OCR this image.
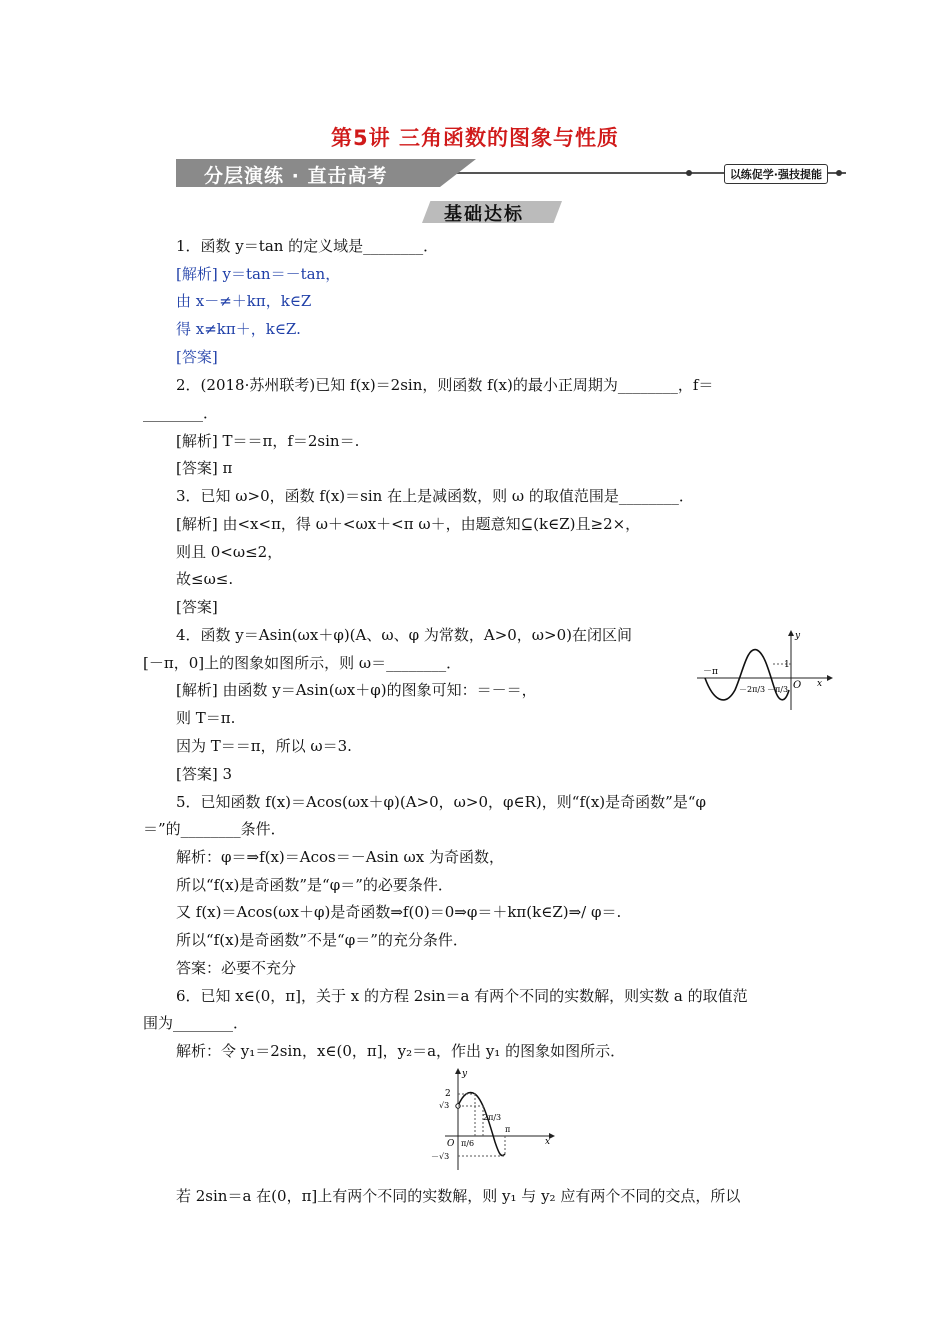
第5讲 三角函数的图象与性质
分层演练 · 直击高考	以练促学·强技提能
基础达标
1．函数 y＝tan 的定义域是________．
[解析] y＝tan＝－tan，
由 x－≠＋kπ，k∈Z
得 x≠kπ＋，k∈Z.
[答案]
2．(2018·苏州联考)已知 f(x)＝2sin，则函数 f(x)的最小正周期为________，f＝
________．
[解析] T＝＝π，f＝2sin＝.
[答案] π
3．已知 ω>0，函数 f(x)＝sin 在上是减函数，则 ω 的取值范围是________．
[解析] 由<x<π，得 ω＋<ωx＋<π ω＋，由题意知⊆(k∈Z)且≥2×，
则且 0<ω≤2，
故≤ω≤.
[答案]
4．函数 y＝Asin(ωx＋φ)(A、ω、φ 为常数，A>0，ω>0)在闭区间
[－π，0]上的图象如图所示，则 ω＝________．
[解析] 由函数 y＝Asin(ωx＋φ)的图象可知：＝－＝，
则 T＝π.
因为 T＝＝π，所以 ω＝3.
[答案] 3
5．已知函数 f(x)＝Acos(ωx＋φ)(A>0，ω>0，φ∈R)，则“f(x)是奇函数”是“φ
＝”的________条件．
解析：φ＝⇒f(x)＝Acos＝－Asin ωx 为奇函数，
所以“f(x)是奇函数”是“φ＝”的必要条件．
又 f(x)＝Acos(ωx＋φ)是奇函数⇒f(0)＝0⇒φ＝＋kπ(k∈Z)⇒/ φ＝.
所以“f(x)是奇函数”不是“φ＝”的充分条件．
答案：必要不充分
6．已知 x∈(0，π]，关于 x 的方程 2sin＝a 有两个不同的实数解，则实数 a 的取值范
围为________．
解析：令 y₁＝2sin，x∈(0，π]，y₂＝a，作出 y₁ 的图象如图所示．
若 2sin＝a 在(0，π]上有两个不同的实数解，则 y₁ 与 y₂ 应有两个不同的交点，所以
－π
－2π/3 －π/3
1
O x
y
2
√3
O π/6
2π/3
π
－√3
x
y
